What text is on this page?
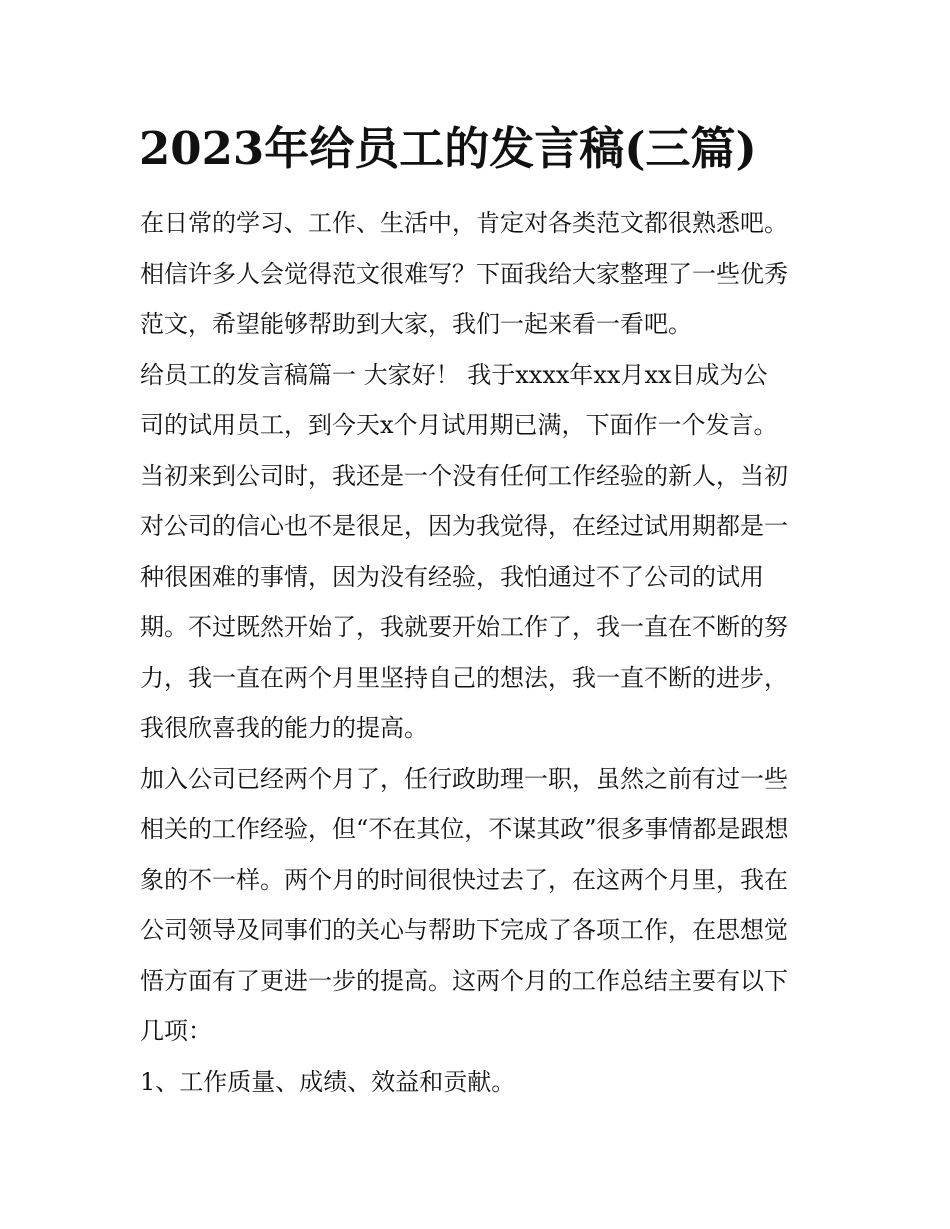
2023年给员工的发言稿(三篇)
在日常的学习、工作、生活中，肯定对各类范文都很熟悉吧。
相信许多人会觉得范文很难写？下面我给大家整理了一些优秀
范文，希望能够帮助到大家，我们一起来看一看吧。
给员工的发言稿篇一 大家好！ 我于xxxx年xx月xx日成为公
司的试用员工，到今天x个月试用期已满，下面作一个发言。
当初来到公司时，我还是一个没有任何工作经验的新人，当初
对公司的信心也不是很足，因为我觉得，在经过试用期都是一
种很困难的事情，因为没有经验，我怕通过不了公司的试用
期。不过既然开始了，我就要开始工作了，我一直在不断的努
力，我一直在两个月里坚持自己的想法，我一直不断的进步，
我很欣喜我的能力的提高。
加入公司已经两个月了，任行政助理一职，虽然之前有过一些
相关的工作经验，但“不在其位，不谋其政”很多事情都是跟想
象的不一样。两个月的时间很快过去了，在这两个月里，我在
公司领导及同事们的关心与帮助下完成了各项工作，在思想觉
悟方面有了更进一步的提高。这两个月的工作总结主要有以下
几项：
1、工作质量、成绩、效益和贡献。
